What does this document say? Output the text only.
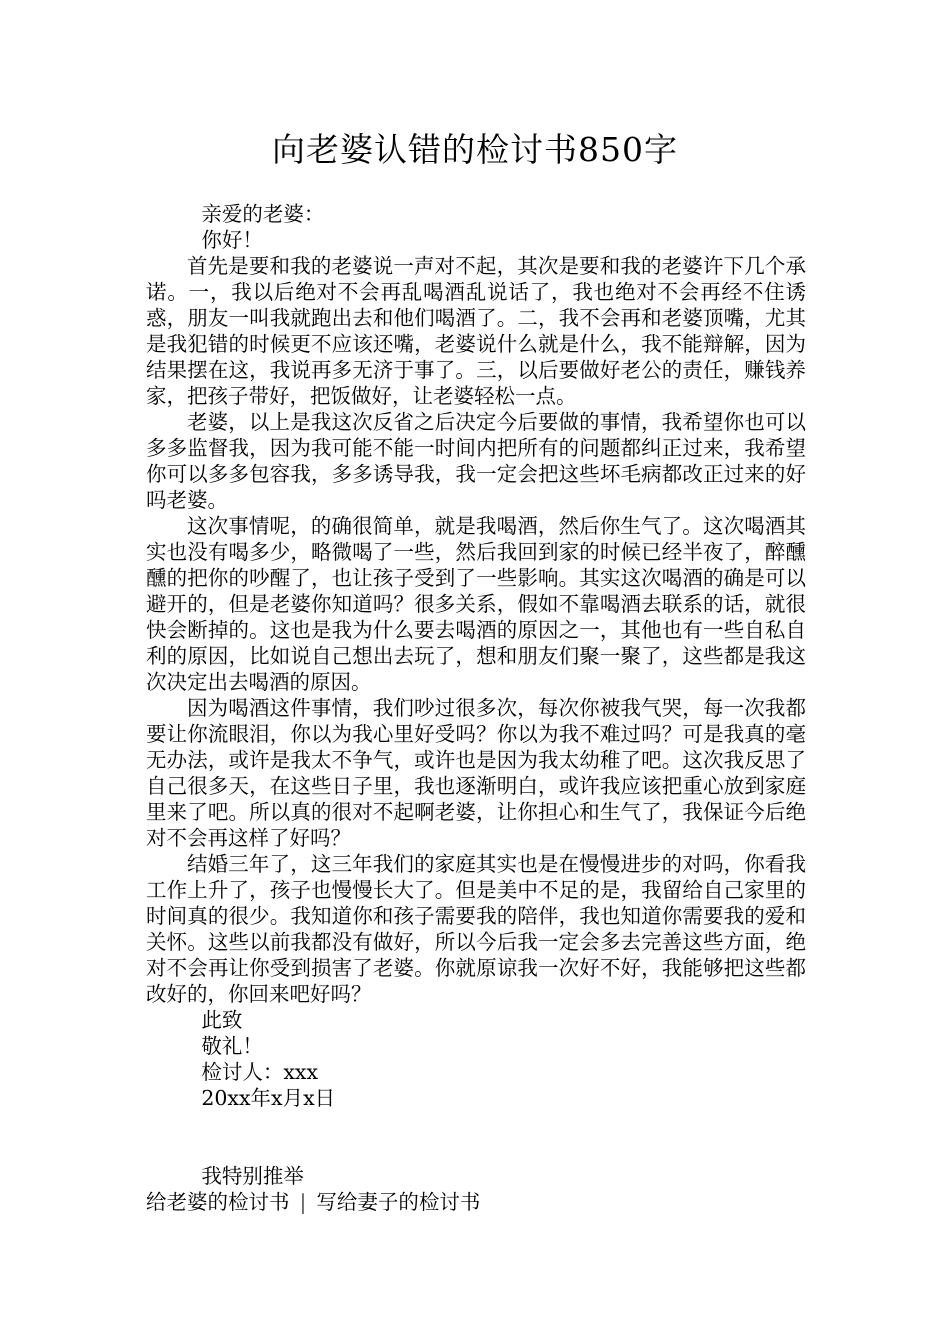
向老婆认错的检讨书850字

亲爱的老婆：

你好！

首先是要和我的老婆说一声对不起，其次是要和我的老婆许下几个承诺。一，我以后绝对不会再乱喝酒乱说话了，我也绝对不会再经不住诱惑，朋友一叫我就跑出去和他们喝酒了。二，我不会再和老婆顶嘴，尤其是我犯错的时候更不应该还嘴，老婆说什么就是什么，我不能辩解，因为结果摆在这，我说再多无济于事了。三，以后要做好老公的责任，赚钱养家，把孩子带好，把饭做好，让老婆轻松一点。

老婆，以上是我这次反省之后决定今后要做的事情，我希望你也可以多多监督我，因为我可能不能一时间内把所有的问题都纠正过来，我希望你可以多多包容我，多多诱导我，我一定会把这些坏毛病都改正过来的好吗老婆。

这次事情呢，的确很简单，就是我喝酒，然后你生气了。这次喝酒其实也没有喝多少，略微喝了一些，然后我回到家的时候已经半夜了，醉醺醺的把你的吵醒了，也让孩子受到了一些影响。其实这次喝酒的确是可以避开的，但是老婆你知道吗？很多关系，假如不靠喝酒去联系的话，就很快会断掉的。这也是我为什么要去喝酒的原因之一，其他也有一些自私自利的原因，比如说自己想出去玩了，想和朋友们聚一聚了，这些都是我这次决定出去喝酒的原因。

因为喝酒这件事情，我们吵过很多次，每次你被我气哭，每一次我都要让你流眼泪，你以为我心里好受吗？你以为我不难过吗？可是我真的毫无办法，或许是我太不争气，或许也是因为我太幼稚了吧。这次我反思了自己很多天，在这些日子里，我也逐渐明白，或许我应该把重心放到家庭里来了吧。所以真的很对不起啊老婆，让你担心和生气了，我保证今后绝对不会再这样了好吗？

结婚三年了，这三年我们的家庭其实也是在慢慢进步的对吗，你看我工作上升了，孩子也慢慢长大了。但是美中不足的是，我留给自己家里的时间真的很少。我知道你和孩子需要我的陪伴，我也知道你需要我的爱和关怀。这些以前我都没有做好，所以今后我一定会多去完善这些方面，绝对不会再让你受到损害了老婆。你就原谅我一次好不好，我能够把这些都改好的，你回来吧好吗？

此致

敬礼！

检讨人：xxx

20xx年x月x日

我特别推举

给老婆的检讨书 | 写给妻子的检讨书
